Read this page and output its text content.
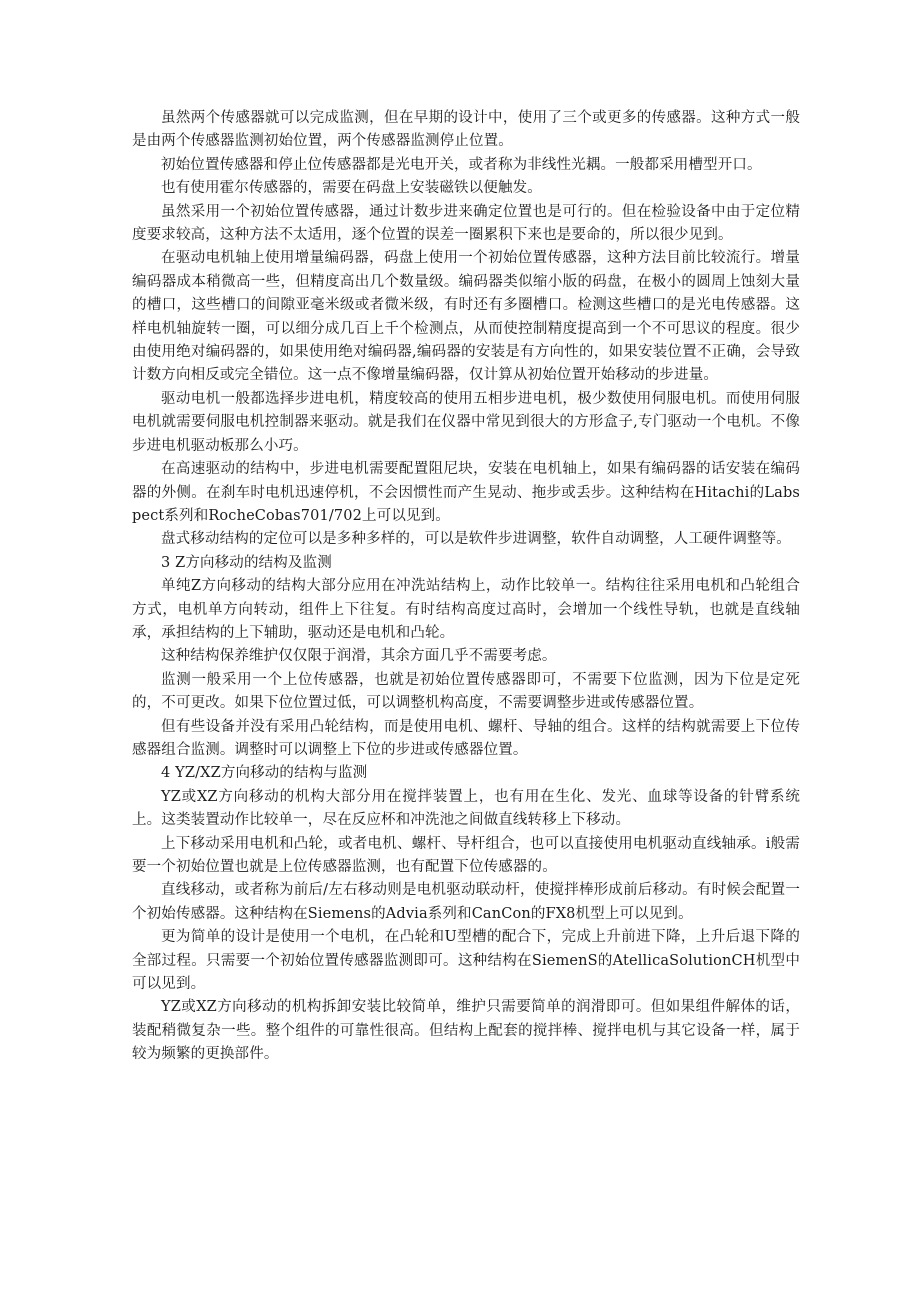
虽然两个传感器就可以完成监测，但在早期的设计中，使用了三个或更多的传感器。这种方式一般是由两个传感器监测初始位置，两个传感器监测停止位置。

初始位置传感器和停止位传感器都是光电开关，或者称为非线性光耦。一般都采用槽型开口。

也有使用霍尔传感器的，需要在码盘上安装磁铁以便触发。

虽然采用一个初始位置传感器，通过计数步进来确定位置也是可行的。但在检验设备中由于定位精度要求较高，这种方法不太适用，逐个位置的误差一圈累积下来也是要命的，所以很少见到。

在驱动电机轴上使用增量编码器，码盘上使用一个初始位置传感器，这种方法目前比较流行。增量编码器成本稍微高一些，但精度高出几个数量级。编码器类似缩小版的码盘，在极小的圆周上蚀刻大量的槽口，这些槽口的间隙亚毫米级或者微米级，有时还有多圈槽口。检测这些槽口的是光电传感器。这样电机轴旋转一圈，可以细分成几百上千个检测点，从而使控制精度提高到一个不可思议的程度。很少由使用绝对编码器的，如果使用绝对编码器,编码器的安装是有方向性的，如果安装位置不正确，会导致计数方向相反或完全错位。这一点不像增量编码器，仅计算从初始位置开始移动的步进量。

驱动电机一般都选择步进电机，精度较高的使用五相步进电机，极少数使用伺服电机。而使用伺服电机就需要伺服电机控制器来驱动。就是我们在仪器中常见到很大的方形盒子,专门驱动一个电机。不像步进电机驱动板那么小巧。

在高速驱动的结构中，步进电机需要配置阻尼块，安装在电机轴上，如果有编码器的话安装在编码器的外侧。在刹车时电机迅速停机，不会因惯性而产生晃动、拖步或丢步。这种结构在Hitachi的Labspect系列和RocheCobas701/702上可以见到。

盘式移动结构的定位可以是多种多样的，可以是软件步进调整，软件自动调整，人工硬件调整等。

3 Z方向移动的结构及监测

单纯Z方向移动的结构大部分应用在冲洗站结构上，动作比较单一。结构往往采用电机和凸轮组合方式，电机单方向转动，组件上下往复。有时结构高度过高时，会增加一个线性导轨，也就是直线轴承，承担结构的上下辅助，驱动还是电机和凸轮。

这种结构保养维护仅仅限于润滑，其余方面几乎不需要考虑。

监测一般采用一个上位传感器，也就是初始位置传感器即可，不需要下位监测，因为下位是定死的，不可更改。如果下位位置过低，可以调整机构高度，不需要调整步进或传感器位置。

但有些设备并没有采用凸轮结构，而是使用电机、螺杆、导轴的组合。这样的结构就需要上下位传感器组合监测。调整时可以调整上下位的步进或传感器位置。

4 YZ/XZ方向移动的结构与监测

YZ或XZ方向移动的机构大部分用在搅拌装置上，也有用在生化、发光、血球等设备的针臂系统上。这类装置动作比较单一，尽在反应杯和冲洗池之间做直线转移上下移动。

上下移动采用电机和凸轮，或者电机、螺杆、导杆组合，也可以直接使用电机驱动直线轴承。i般需要一个初始位置也就是上位传感器监测，也有配置下位传感器的。

直线移动，或者称为前后/左右移动则是电机驱动联动杆，使搅拌棒形成前后移动。有时候会配置一个初始传感器。这种结构在Siemens的Advia系列和CanCon的FX8机型上可以见到。

更为简单的设计是使用一个电机，在凸轮和U型槽的配合下，完成上升前进下降，上升后退下降的全部过程。只需要一个初始位置传感器监测即可。这种结构在SiemenS的AtellicaSolutionCH机型中可以见到。

YZ或XZ方向移动的机构拆卸安装比较简单，维护只需要简单的润滑即可。但如果组件解体的话，装配稍微复杂一些。整个组件的可靠性很高。但结构上配套的搅拌棒、搅拌电机与其它设备一样，属于较为频繁的更换部件。
